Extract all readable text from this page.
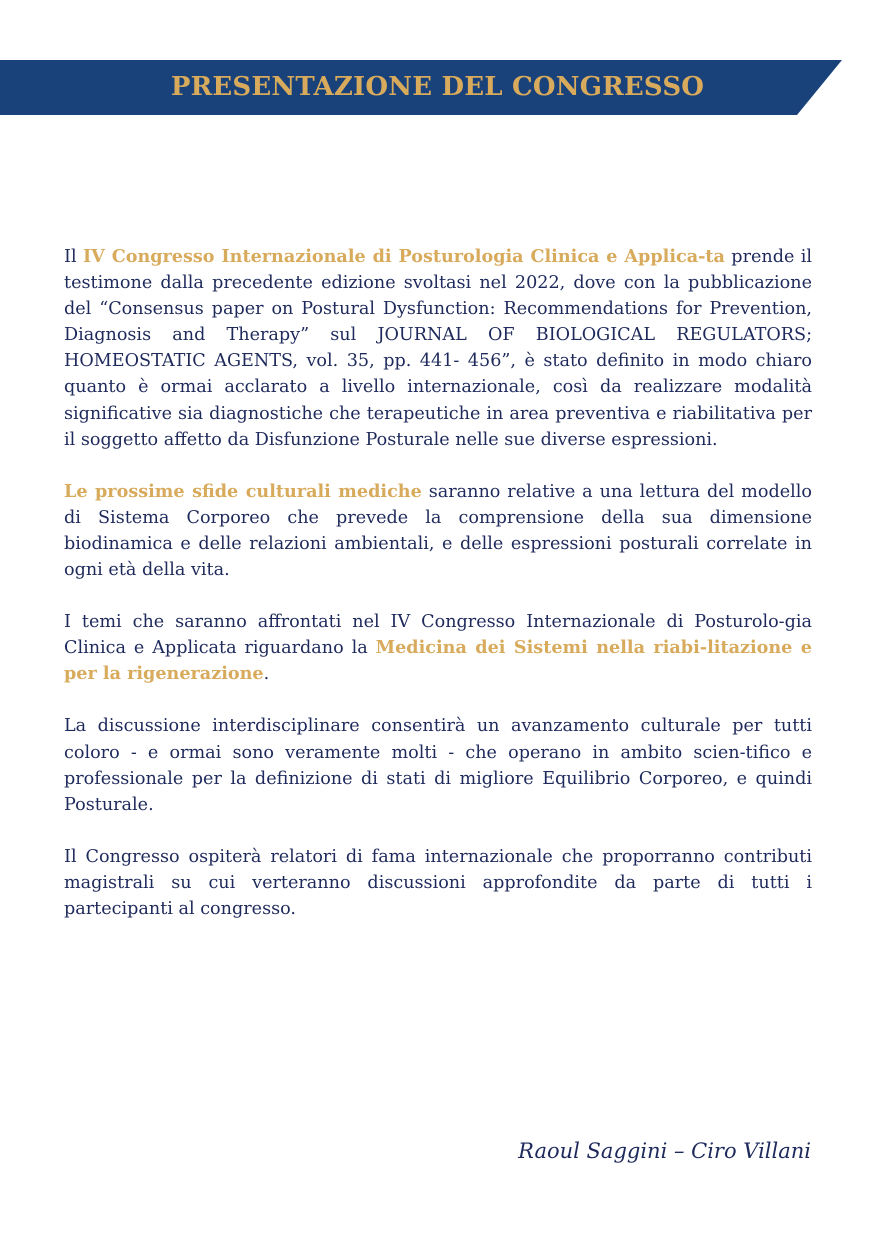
PRESENTAZIONE DEL CONGRESSO

Il IV Congresso Internazionale di Posturologia Clinica e Applica-ta prende il testimone dalla precedente edizione svoltasi nel 2022, dove con la pubblicazione del “Consensus paper on Postural Dysfunction: Recommendations for Prevention, Diagnosis and Therapy” sul JOURNAL OF BIOLOGICAL REGULATORS; HOMEOSTATIC AGENTS, vol. 35, pp. 441- 456”, è stato definito in modo chiaro quanto è ormai acclarato a livello internazionale, così da realizzare modalità significative sia diagnostiche che terapeutiche in area preventiva e riabilitativa per il soggetto affetto da Disfunzione Posturale nelle sue diverse espressioni.

Le prossime sfide culturali mediche saranno relative a una lettura del modello di Sistema Corporeo che prevede la comprensione della sua dimensione biodinamica e delle relazioni ambientali, e delle espressioni posturali correlate in ogni età della vita.

I temi che saranno affrontati nel IV Congresso Internazionale di Posturolo-gia Clinica e Applicata riguardano la Medicina dei Sistemi nella riabi-litazione e per la rigenerazione.

La discussione interdisciplinare consentirà un avanzamento culturale per tutti coloro - e ormai sono veramente molti - che operano in ambito scien-tifico e professionale per la definizione di stati di migliore Equilibrio Corporeo, e quindi Posturale.

Il Congresso ospiterà relatori di fama internazionale che proporranno contributi magistrali su cui verteranno discussioni approfondite da parte di tutti i partecipanti al congresso.

Raoul Saggini – Ciro Villani
